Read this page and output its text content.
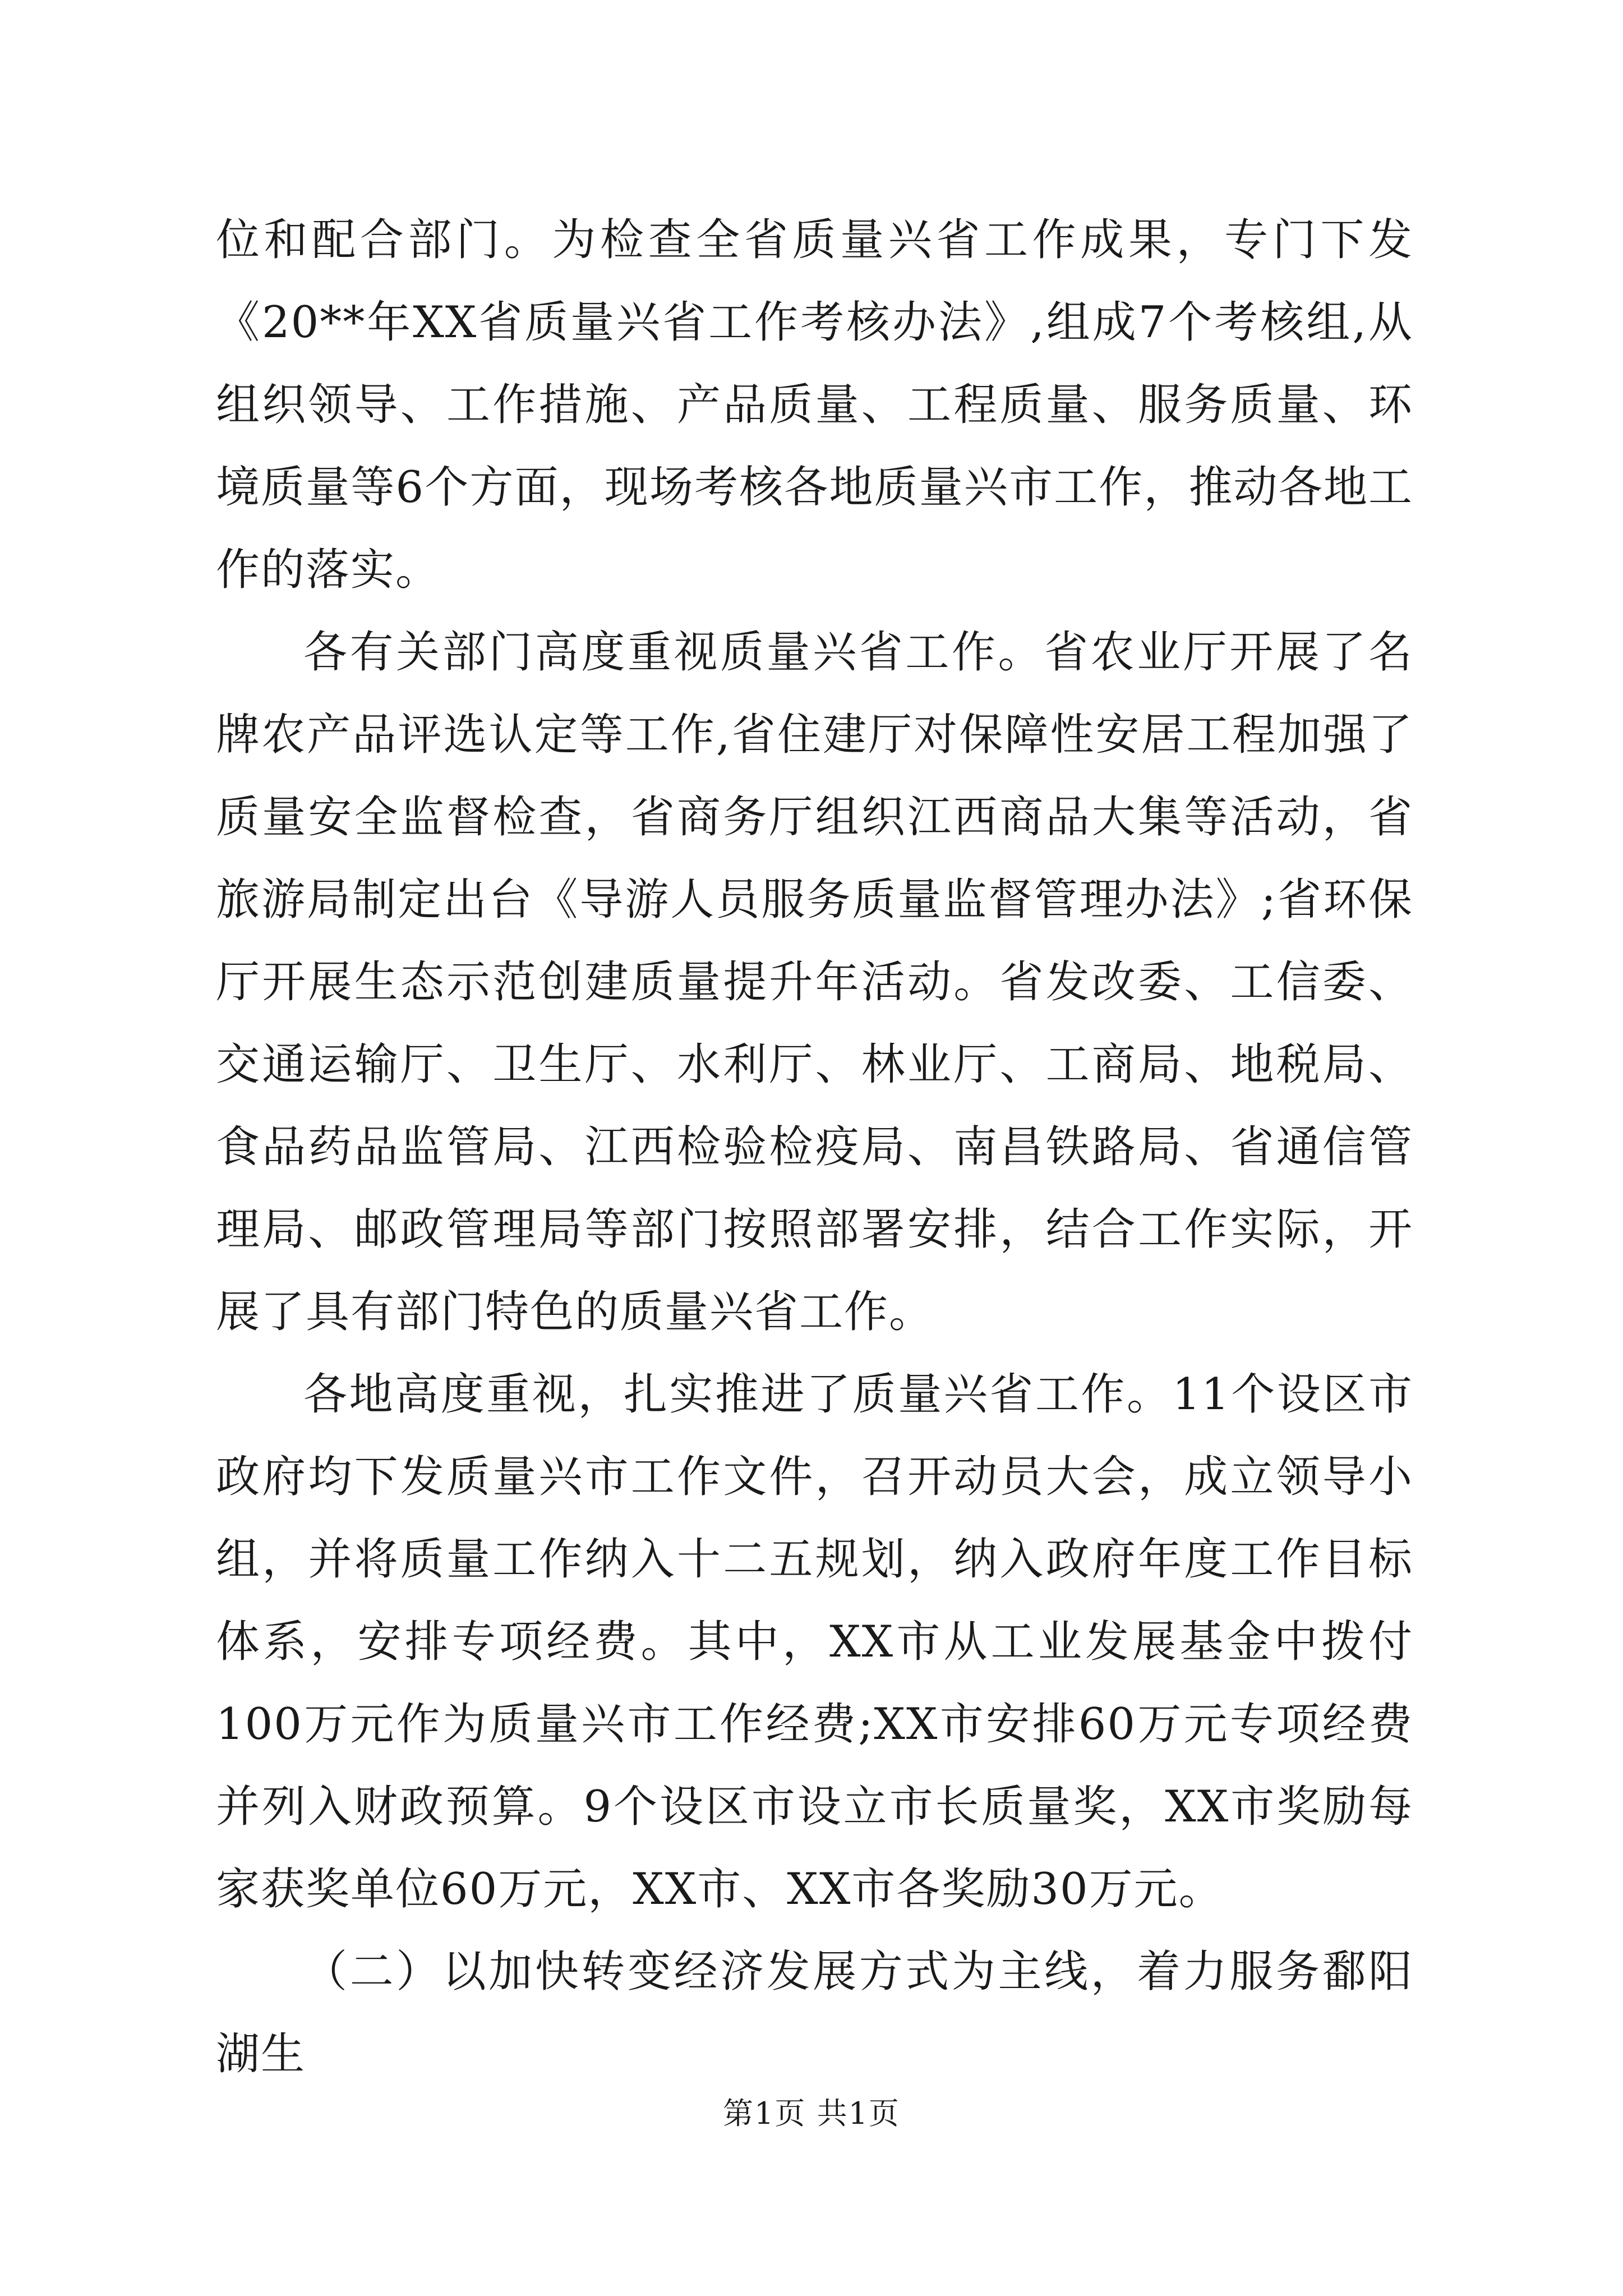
位和配合部门。为检查全省质量兴省工作成果，专门下发《20**年XX省质量兴省工作考核办法》,组成7个考核组,从组织领导、工作措施、产品质量、工程质量、服务质量、环境质量等6个方面，现场考核各地质量兴市工作，推动各地工作的落实。

各有关部门高度重视质量兴省工作。省农业厅开展了名牌农产品评选认定等工作,省住建厅对保障性安居工程加强了质量安全监督检查，省商务厅组织江西商品大集等活动，省旅游局制定出台《导游人员服务质量监督管理办法》;省环保厅开展生态示范创建质量提升年活动。省发改委、工信委、交通运输厅、卫生厅、水利厅、林业厅、工商局、地税局、食品药品监管局、江西检验检疫局、南昌铁路局、省通信管理局、邮政管理局等部门按照部署安排，结合工作实际，开展了具有部门特色的质量兴省工作。

各地高度重视，扎实推进了质量兴省工作。11个设区市政府均下发质量兴市工作文件，召开动员大会，成立领导小组，并将质量工作纳入十二五规划，纳入政府年度工作目标体系，安排专项经费。其中，XX市从工业发展基金中拨付100万元作为质量兴市工作经费;XX市安排60万元专项经费并列入财政预算。9个设区市设立市长质量奖，XX市奖励每家获奖单位60万元，XX市、XX市各奖励30万元。

（二）以加快转变经济发展方式为主线，着力服务鄱阳湖生

第1页 共1页
